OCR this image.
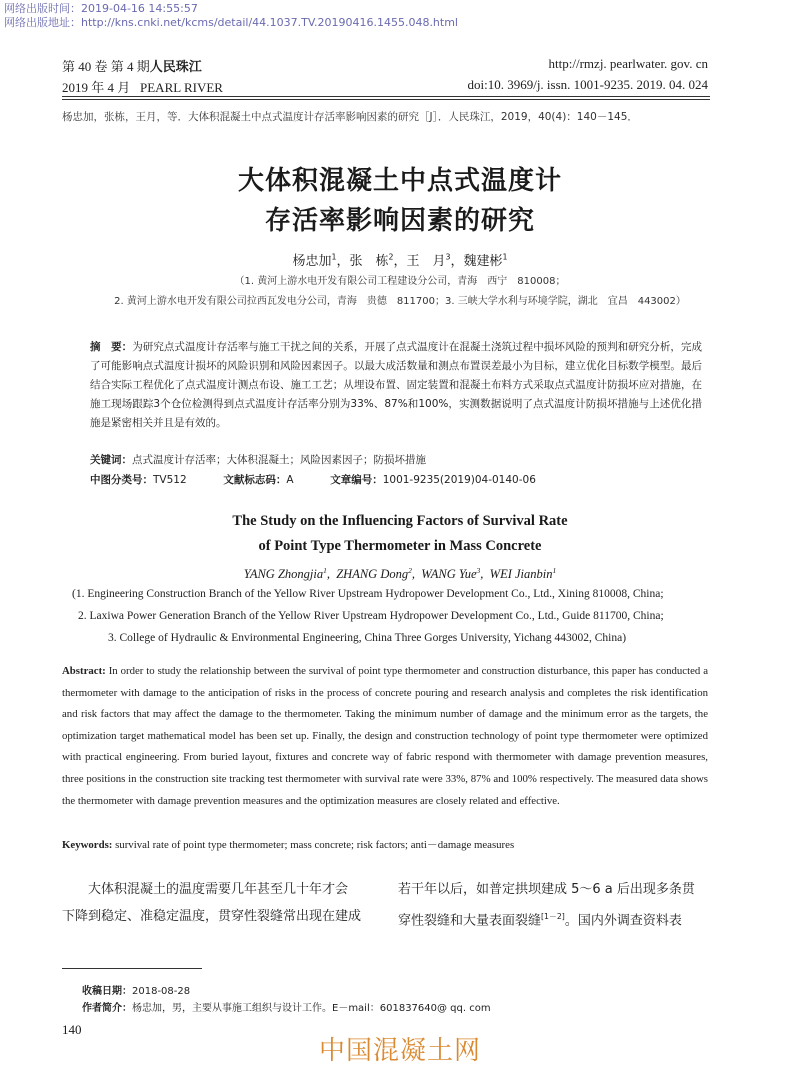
网络出版时间：2019-04-16 14:55:57
网络出版地址：http://kns.cnki.net/kcms/detail/44.1037.TV.20190416.1455.048.html
第 40 卷 第 4 期人民珠江	http://rmzj. pearlwater. gov. cn
2019 年 4 月 PEARL RIVER	doi:10. 3969/j. issn. 1001-9235. 2019. 04. 024
杨忠加，张栋，王月，等．大体积混凝土中点式温度计存活率影响因素的研究［J］．人民珠江，2019，40(4)：140－145．
大体积混凝土中点式温度计
存活率影响因素的研究
杨忠加$^1$，张　栋$^2$，王　月$^3$，魏建彬$^1$
（1. 黄河上游水电开发有限公司工程建设分公司，青海　西宁　810008；
2. 黄河上游水电开发有限公司拉西瓦发电分公司，青海　贵德　811700；3. 三峡大学水利与环境学院，湖北　宜昌　443002）
摘　要：为研究点式温度计存活率与施工干扰之间的关系，开展了点式温度计在混凝土浇筑过程中损坏风险的预判和研究分析，完成了可能影响点式温度计损坏的风险识别和风险因素因子。以最大成活数量和测点布置误差最小为目标，建立优化目标数学模型。最后结合实际工程优化了点式温度计测点布设、施工工艺；从埋设布置、固定装置和混凝土布料方式采取点式温度计防损坏应对措施，在施工现场跟踪3个仓位检测得到点式温度计存活率分别为33%、87%和100%，实测数据说明了点式温度计防损坏措施与上述优化措施是紧密相关并且是有效的。
关键词：点式温度计存活率；大体积混凝土；风险因素因子；防损坏措施
中图分类号：TV512	文献标志码：A	文章编号：1001-9235(2019)04-0140-06
The Study on the Influencing Factors of Survival Rate
of Point Type Thermometer in Mass Concrete
YANG Zhongjia$^1$,  ZHANG Dong$^2$,  WANG Yue$^3$,  WEI Jianbin$^1$
(1. Engineering Construction Branch of the Yellow River Upstream Hydropower Development Co., Ltd., Xining 810008, China;
2. Laxiwa Power Generation Branch of the Yellow River Upstream Hydropower Development Co., Ltd., Guide 811700, China;
3. College of Hydraulic & Environmental Engineering, China Three Gorges University, Yichang 443002, China)
Abstract: In order to study the relationship between the survival of point type thermometer and construction disturbance, this paper has conducted a thermometer with damage to the anticipation of risks in the process of concrete pouring and research analysis and completes the risk identification and risk factors that may affect the damage to the thermometer. Taking the minimum number of damage and the minimum error as the targets, the optimization target mathematical model has been set up. Finally, the design and construction technology of point type thermometer were optimized with practical engineering. From buried layout, fixtures and concrete way of fabric respond with thermometer with damage prevention measures, three positions in the construction site tracking test thermometer with survival rate were 33%, 87% and 100% respectively. The measured data shows the thermometer with damage prevention measures and the optimization measures are closely related and effective.
Keywords: survival rate of point type thermometer; mass concrete; risk factors; anti－damage measures
大体积混凝土的温度需要几年甚至几十年才会
下降到稳定、准稳定温度，贯穿性裂缝常出现在建成
若干年以后，如普定拱坝建成 5～6 a 后出现多条贯
穿性裂缝和大量表面裂缝[1－2]。国内外调查资料表
收稿日期：2018-08-28
作者简介：杨忠加，男，主要从事施工组织与设计工作。E－mail：601837640@ qq. com
140
中国混凝土网
